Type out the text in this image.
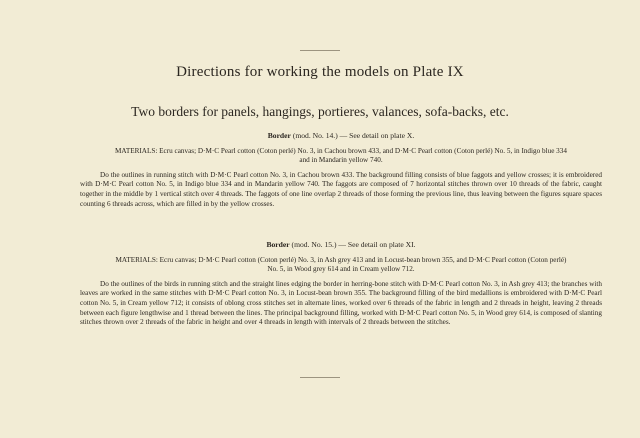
Directions for working the models on Plate IX
Two borders for panels, hangings, portieres, valances, sofa-backs, etc.
Border (mod. No. 14.) — See detail on plate X.
MATERIALS: Ecru canvas; D·M·C Pearl cotton (Coton perlé) No. 3, in Cachou brown 433, and D·M·C Pearl cotton (Coton perlé) No. 5, in Indigo blue 334 and in Mandarin yellow 740.
Do the outlines in running stitch with D·M·C Pearl cotton No. 3, in Cachou brown 433. The background filling consists of blue faggots and yellow crosses; it is embroidered with D·M·C Pearl cotton No. 5, in Indigo blue 334 and in Mandarin yellow 740. The faggots are composed of 7 horizontal stitches thrown over 10 threads of the fabric, caught together in the middle by 1 vertical stitch over 4 threads. The faggots of one line overlap 2 threads of those forming the previous line, thus leaving between the figures square spaces counting 6 threads across, which are filled in by the yellow crosses.
Border (mod. No. 15.) — See detail on plate XI.
MATERIALS: Ecru canvas; D·M·C Pearl cotton (Coton perlé) No. 3, in Ash grey 413 and in Locust-bean brown 355, and D·M·C Pearl cotton (Coton perlé) No. 5, in Wood grey 614 and in Cream yellow 712.
Do the outlines of the birds in running stitch and the straight lines edging the border in herring-bone stitch with D·M·C Pearl cotton No. 3, in Ash grey 413; the branches with leaves are worked in the same stitches with D·M·C Pearl cotton No. 3, in Locust-bean brown 355. The background filling of the bird medallions is embroidered with D·M·C Pearl cotton No. 5, in Cream yellow 712; it consists of oblong cross stitches set in alternate lines, worked over 6 threads of the fabric in length and 2 threads in height, leaving 2 threads between each figure lengthwise and 1 thread between the lines. The principal background filling, worked with D·M·C Pearl cotton No. 5, in Wood grey 614, is composed of slanting stitches thrown over 2 threads of the fabric in height and over 4 threads in length with intervals of 2 threads between the stitches.
